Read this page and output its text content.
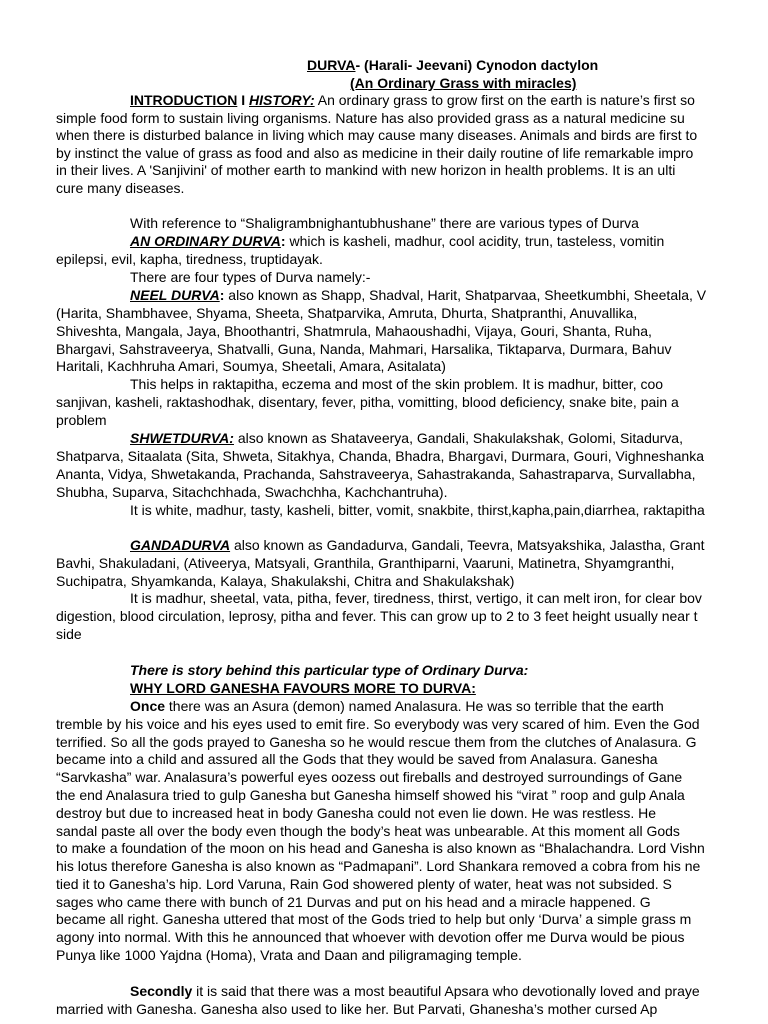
DURVA- (Harali- Jeevani) Cynodon dactylon
(An Ordinary Grass with miracles)
INTRODUCTION I HISTORY: An ordinary grass to grow first on the earth is nature’s first so
simple food form to sustain living organisms. Nature has also provided grass as a natural medicine su
when there is disturbed balance in living which may cause many diseases. Animals and birds are first to
by instinct the value of grass as food and also as medicine in their daily routine of life remarkable impro
in their lives. A 'Sanjivini' of mother earth to mankind with new horizon in health problems. It is an ulti
cure many diseases.
With reference to “Shaligrambnighantubhushane” there are various types of Durva
AN ORDINARY DURVA: which is kasheli, madhur, cool acidity, trun, tasteless, vomitin
epilepsi, evil, kapha, tiredness, truptidayak.
There are four types of Durva namely:-
NEEL DURVA: also known as Shapp, Shadval, Harit, Shatparvaa, Sheetkumbhi, Sheetala, V
(Harita, Shambhavee, Shyama, Sheeta, Shatparvika, Amruta, Dhurta, Shatpranthi, Anuvallika,
Shiveshta, Mangala, Jaya, Bhoothantri, Shatmrula, Mahaoushadhi, Vijaya, Gouri, Shanta, Ruha,
Bhargavi, Sahstraveerya, Shatvalli, Guna, Nanda, Mahmari, Harsalika, Tiktaparva, Durmara, Bahuv
Haritali, Kachhruha Amari, Soumya, Sheetali, Amara, Asitalata)
This helps in raktapitha, eczema and most of the skin problem. It is madhur, bitter, coo
sanjivan, kasheli, raktashodhak, disentary, fever, pitha, vomitting, blood deficiency, snake bite, pain a
problem
SHWETDURVA: also known as Shataveerya, Gandali, Shakulakshak, Golomi, Sitadurva,
Shatparva, Sitaalata (Sita, Shweta, Sitakhya, Chanda, Bhadra, Bhargavi, Durmara, Gouri, Vighneshanka
Ananta, Vidya, Shwetakanda, Prachanda, Sahstraveerya, Sahastrakanda, Sahastraparva, Survallabha,
Shubha, Suparva, Sitachchhada, Swachchha, Kachchantruha).
It is white, madhur, tasty, kasheli, bitter, vomit, snakbite, thirst,kapha,pain,diarrhea, raktapitha
GANDADURVA also known as Gandadurva, Gandali, Teevra, Matsyakshika, Jalastha, Grant
Bavhi, Shakuladani, (Ativeerya, Matsyali, Granthila, Granthiparni, Vaaruni, Matinetra, Shyamgranthi,
Suchipatra, Shyamkanda, Kalaya, Shakulakshi, Chitra and Shakulakshak)
It is madhur, sheetal, vata, pitha, fever, tiredness, thirst, vertigo, it can melt iron, for clear bov
digestion, blood circulation, leprosy, pitha and fever. This can grow up to 2 to 3 feet height usually near t
side
There is story behind this particular type of Ordinary Durva:
WHY LORD GANESHA FAVOURS MORE TO DURVA:
Once there was an Asura (demon) named Analasura. He was so terrible that the earth
tremble by his voice and his eyes used to emit fire. So everybody was very scared of him. Even the God
terrified. So all the gods prayed to Ganesha so he would rescue them from the clutches of Analasura. G
became into a child and assured all the Gods that they would be saved from Analasura. Ganesha
“Sarvkasha” war. Analasura’s powerful eyes oozess out fireballs and destroyed surroundings of Gane
the end Analasura tried to gulp Ganesha but Ganesha himself showed his “virat ” roop and gulp Anala
destroy but due to increased heat in body Ganesha could not even lie down. He was restless. He
sandal paste all over the body even though the body’s heat was unbearable. At this moment all Gods
to make a foundation of the moon on his head and Ganesha is also known as “Bhalachandra. Lord Vishn
his lotus therefore Ganesha is also known as “Padmapani”. Lord Shankara removed a cobra from his ne
tied it to Ganesha’s hip. Lord Varuna, Rain God showered plenty of water, heat was not subsided. S
sages who came there with bunch of 21 Durvas and put on his head and a miracle happened. G
became all right. Ganesha uttered that most of the Gods tried to help but only ‘Durva’ a simple grass m
agony into normal. With this he announced that whoever with devotion offer me Durva would be pious
Punya like 1000 Yajdna (Homa), Vrata and Daan and piligramaging temple.
Secondly it is said that there was a most beautiful Apsara who devotionally loved and praye
married with Ganesha. Ganesha also used to like her. But Parvati, Ghanesha’s mother cursed Ap
